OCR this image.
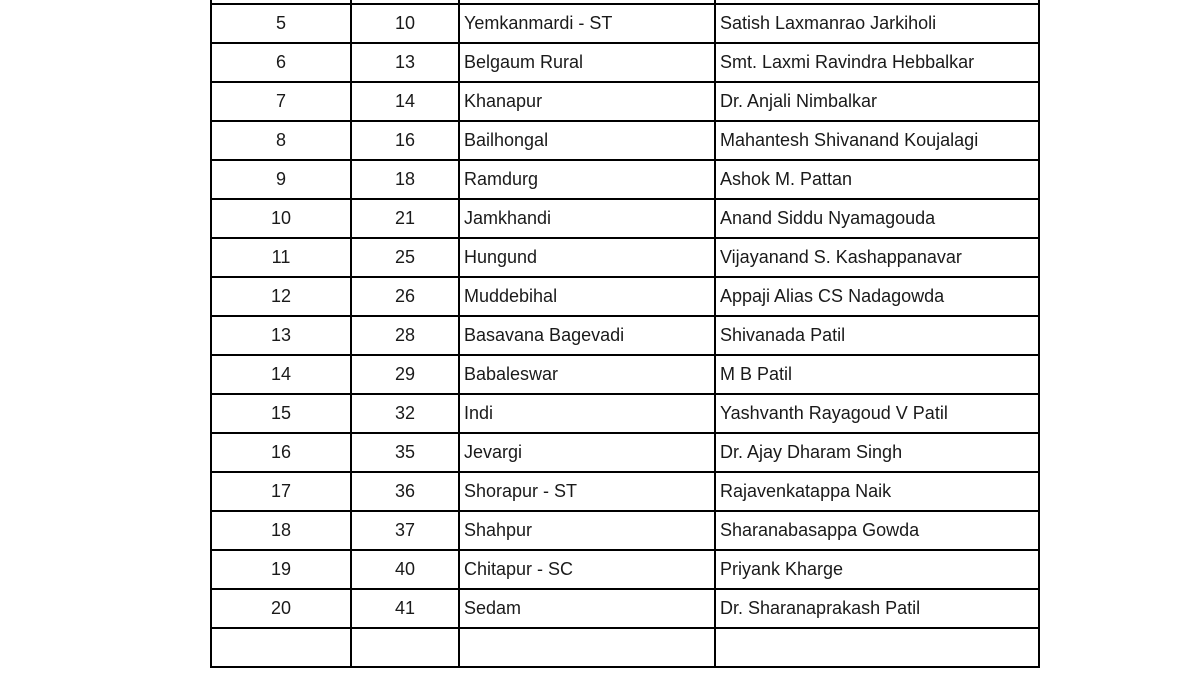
5	10	Yemkanmardi - ST	Satish Laxmanrao Jarkiholi
6	13	Belgaum Rural	Smt. Laxmi Ravindra Hebbalkar
7	14	Khanapur	Dr. Anjali Nimbalkar
8	16	Bailhongal	Mahantesh Shivanand Koujalagi
9	18	Ramdurg	Ashok M. Pattan
10	21	Jamkhandi	Anand Siddu Nyamagouda
11	25	Hungund	Vijayanand S. Kashappanavar
12	26	Muddebihal	Appaji Alias CS Nadagowda
13	28	Basavana Bagevadi	Shivanada Patil
14	29	Babaleswar	M B Patil
15	32	Indi	Yashvanth Rayagoud V Patil
16	35	Jevargi	Dr. Ajay Dharam Singh
17	36	Shorapur - ST	Rajavenkatappa Naik
18	37	Shahpur	Sharanabasappa Gowda
19	40	Chitapur - SC	Priyank Kharge
20	41	Sedam	Dr. Sharanaprakash Patil
